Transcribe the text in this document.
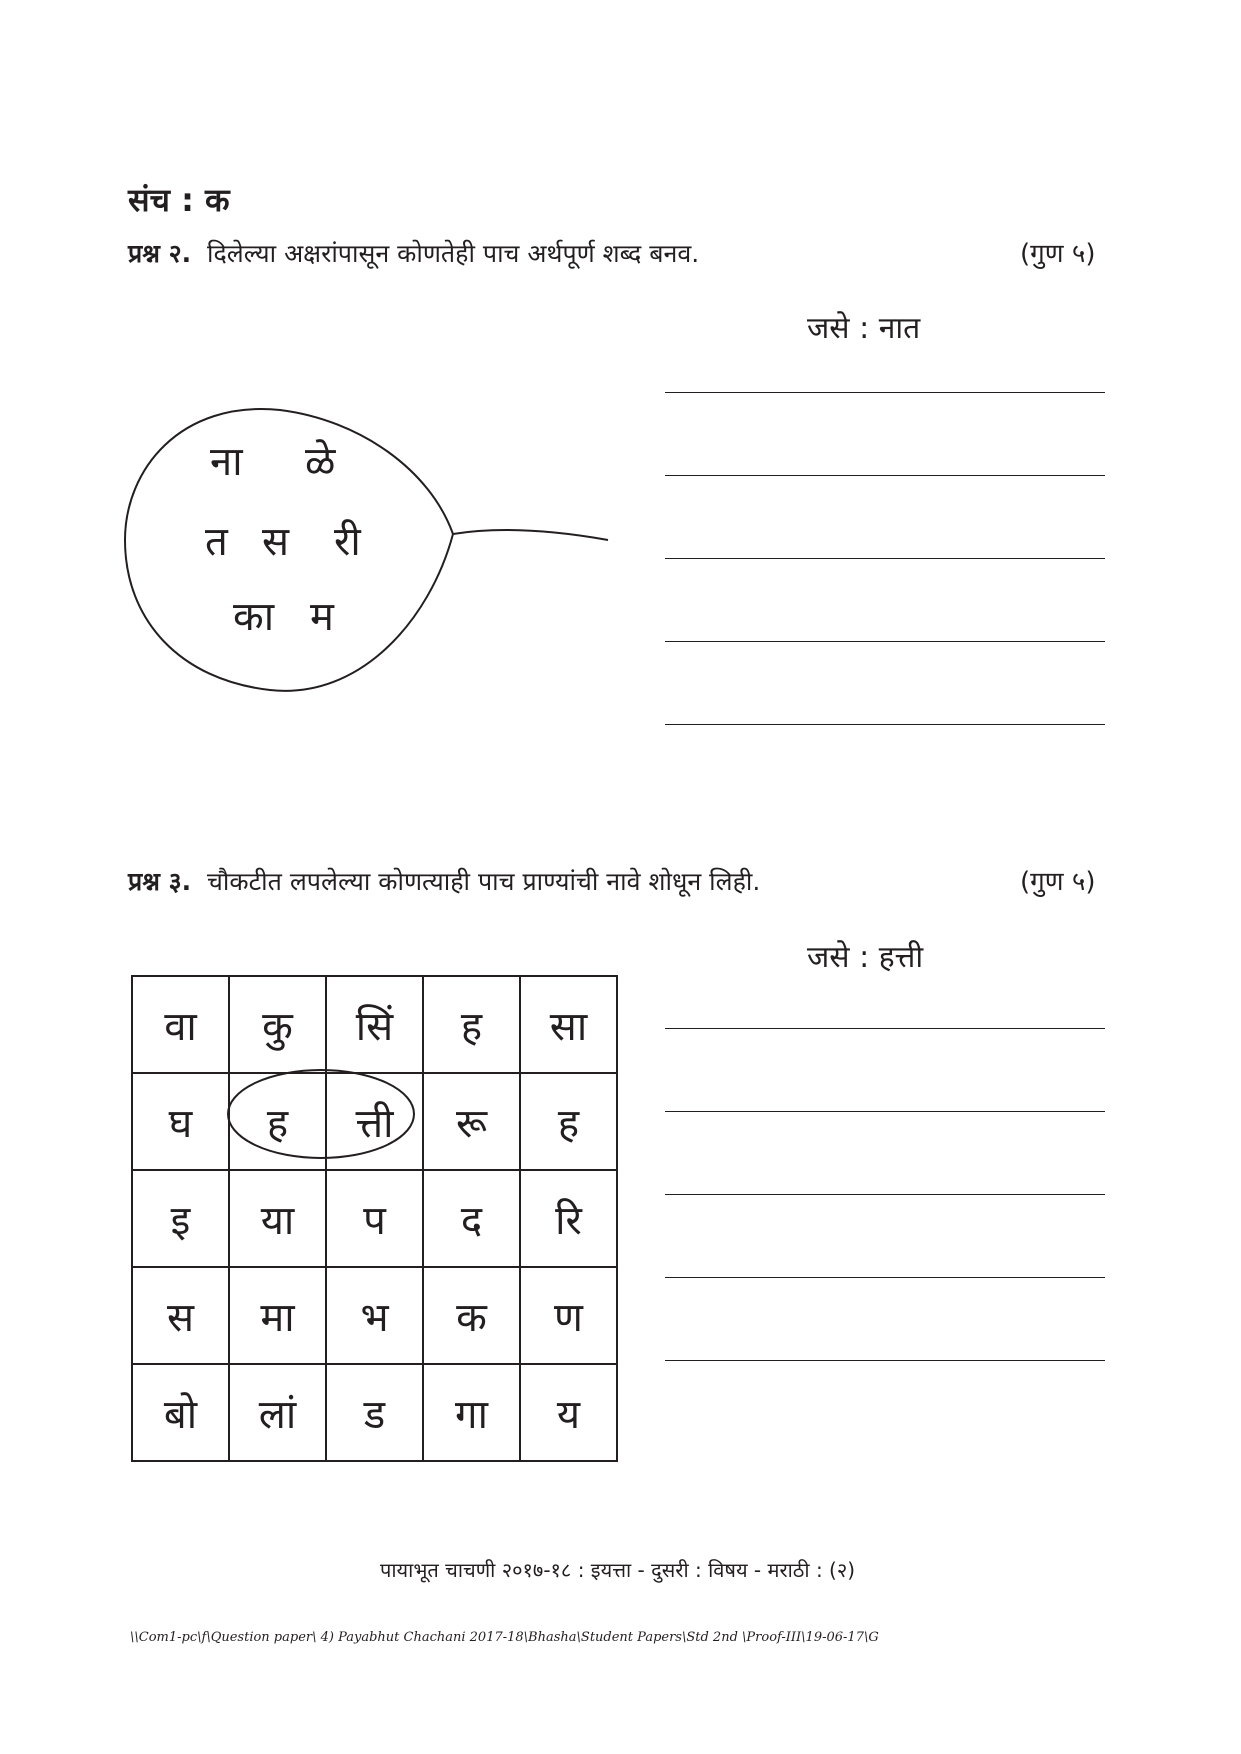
संच : क
प्रश्न २. दिलेल्या अक्षरांपासून कोणतेही पाच अर्थपूर्ण शब्द बनव.	(गुण ५)
जसे : नात
ना ळे
त स री
का म
प्रश्न ३. चौकटीत लपलेल्या कोणत्याही पाच प्राण्यांची नावे शोधून लिही.	(गुण ५)
जसे : हत्ती
वा	कु	सिं	ह	सा
घ	ह	त्ती	रू	ह
इ	या	प	द	रि
स	मा	भ	क	ण
बो	लां	ड	गा	य
पायाभूत चाचणी २०१७-१८ : इयत्ता - दुसरी : विषय - मराठी : (२)
\\Com1-pc\f\Question paper\ 4) Payabhut Chachani 2017-18\Bhasha\Student Papers\Std 2nd \Proof-III\19-06-17\G
